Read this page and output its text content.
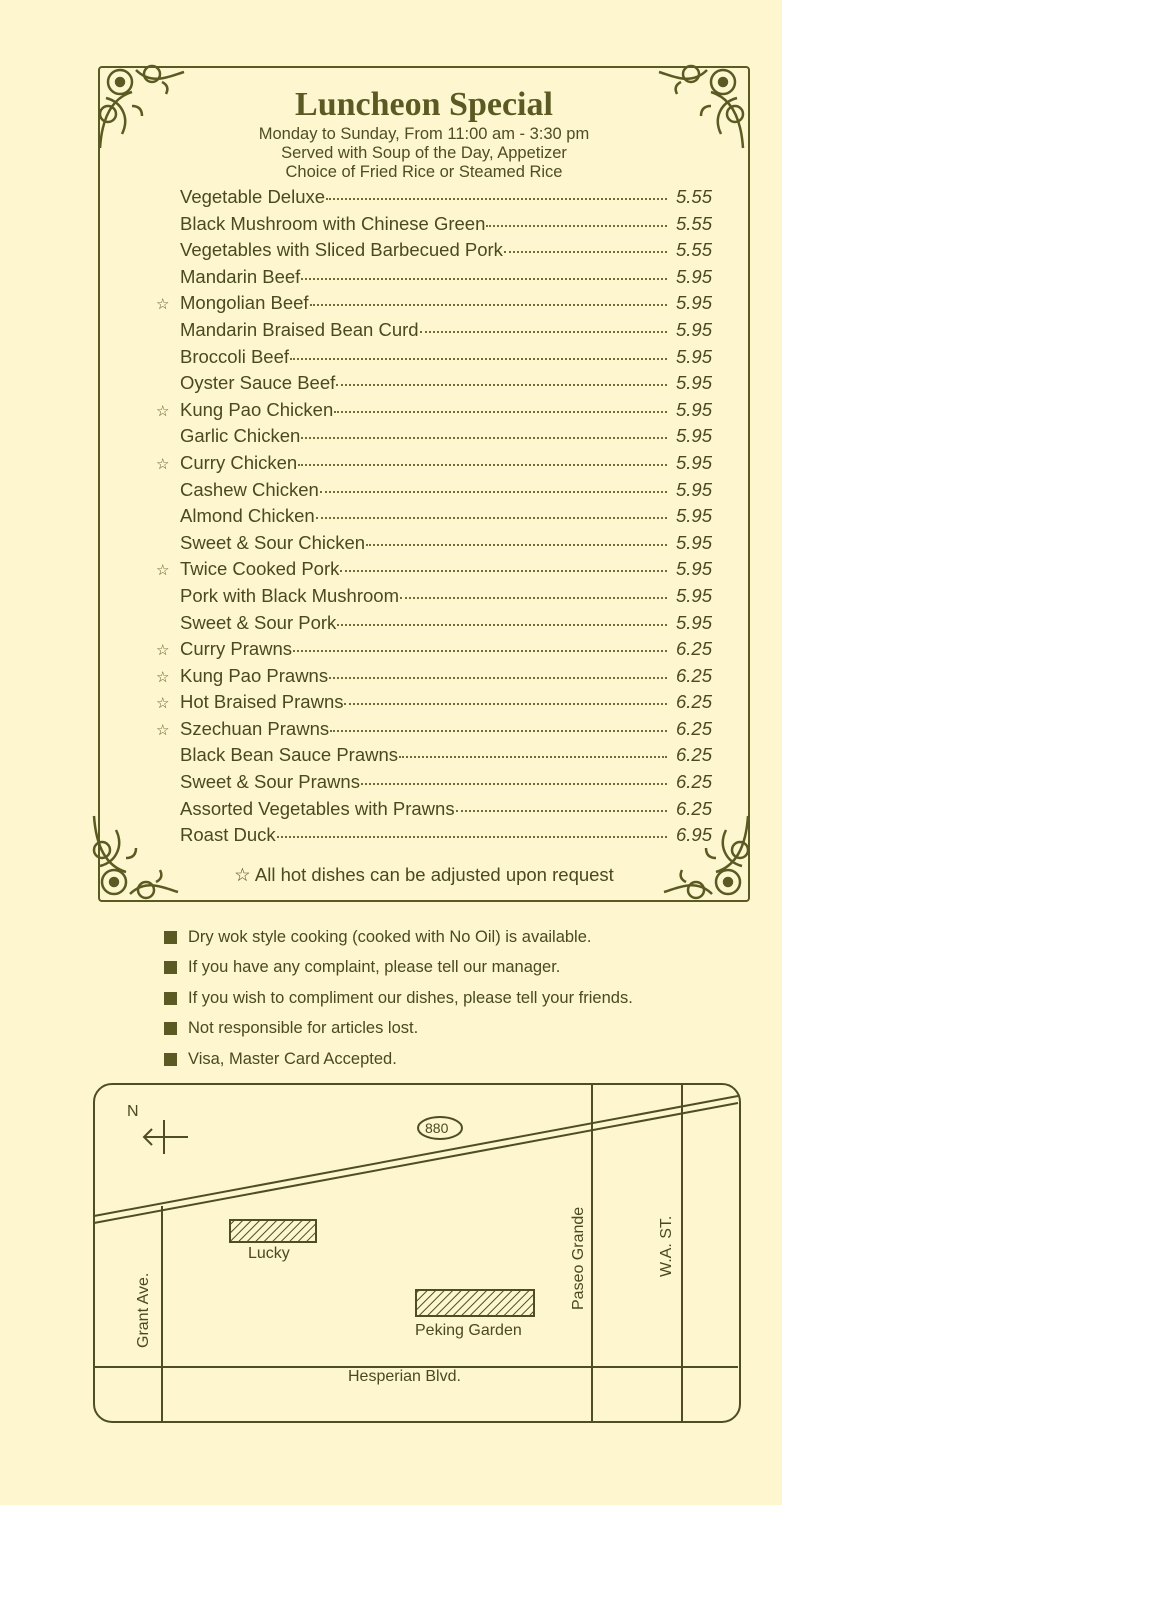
Luncheon Special
Monday to Sunday, From 11:00 am - 3:30 pm
Served with Soup of the Day, Appetizer
Choice of Fried Rice or Steamed Rice
Vegetable Deluxe	5.55
Black Mushroom with Chinese Green	5.55
Vegetables with Sliced Barbecued Pork	5.55
Mandarin Beef	5.95
☆ Mongolian Beef	5.95
Mandarin Braised Bean Curd	5.95
Broccoli Beef	5.95
Oyster Sauce Beef	5.95
☆ Kung Pao Chicken	5.95
Garlic Chicken	5.95
☆ Curry Chicken	5.95
Cashew Chicken	5.95
Almond Chicken	5.95
Sweet & Sour Chicken	5.95
☆ Twice Cooked Pork	5.95
Pork with Black Mushroom	5.95
Sweet & Sour Pork	5.95
☆ Curry Prawns	6.25
☆ Kung Pao Prawns	6.25
☆ Hot Braised Prawns	6.25
☆ Szechuan Prawns	6.25
Black Bean Sauce Prawns	6.25
Sweet & Sour Prawns	6.25
Assorted Vegetables with Prawns	6.25
Roast Duck	6.95
☆ All hot dishes can be adjusted upon request
Dry wok style cooking (cooked with No Oil) is available.
If you have any complaint, please tell our manager.
If you wish to compliment our dishes, please tell your friends.
Not responsible for articles lost.
Visa, Master Card Accepted.
N
880
Lucky
Peking Garden
Hesperian Blvd.
Grant Ave.
Paseo Grande	W.A. ST.
